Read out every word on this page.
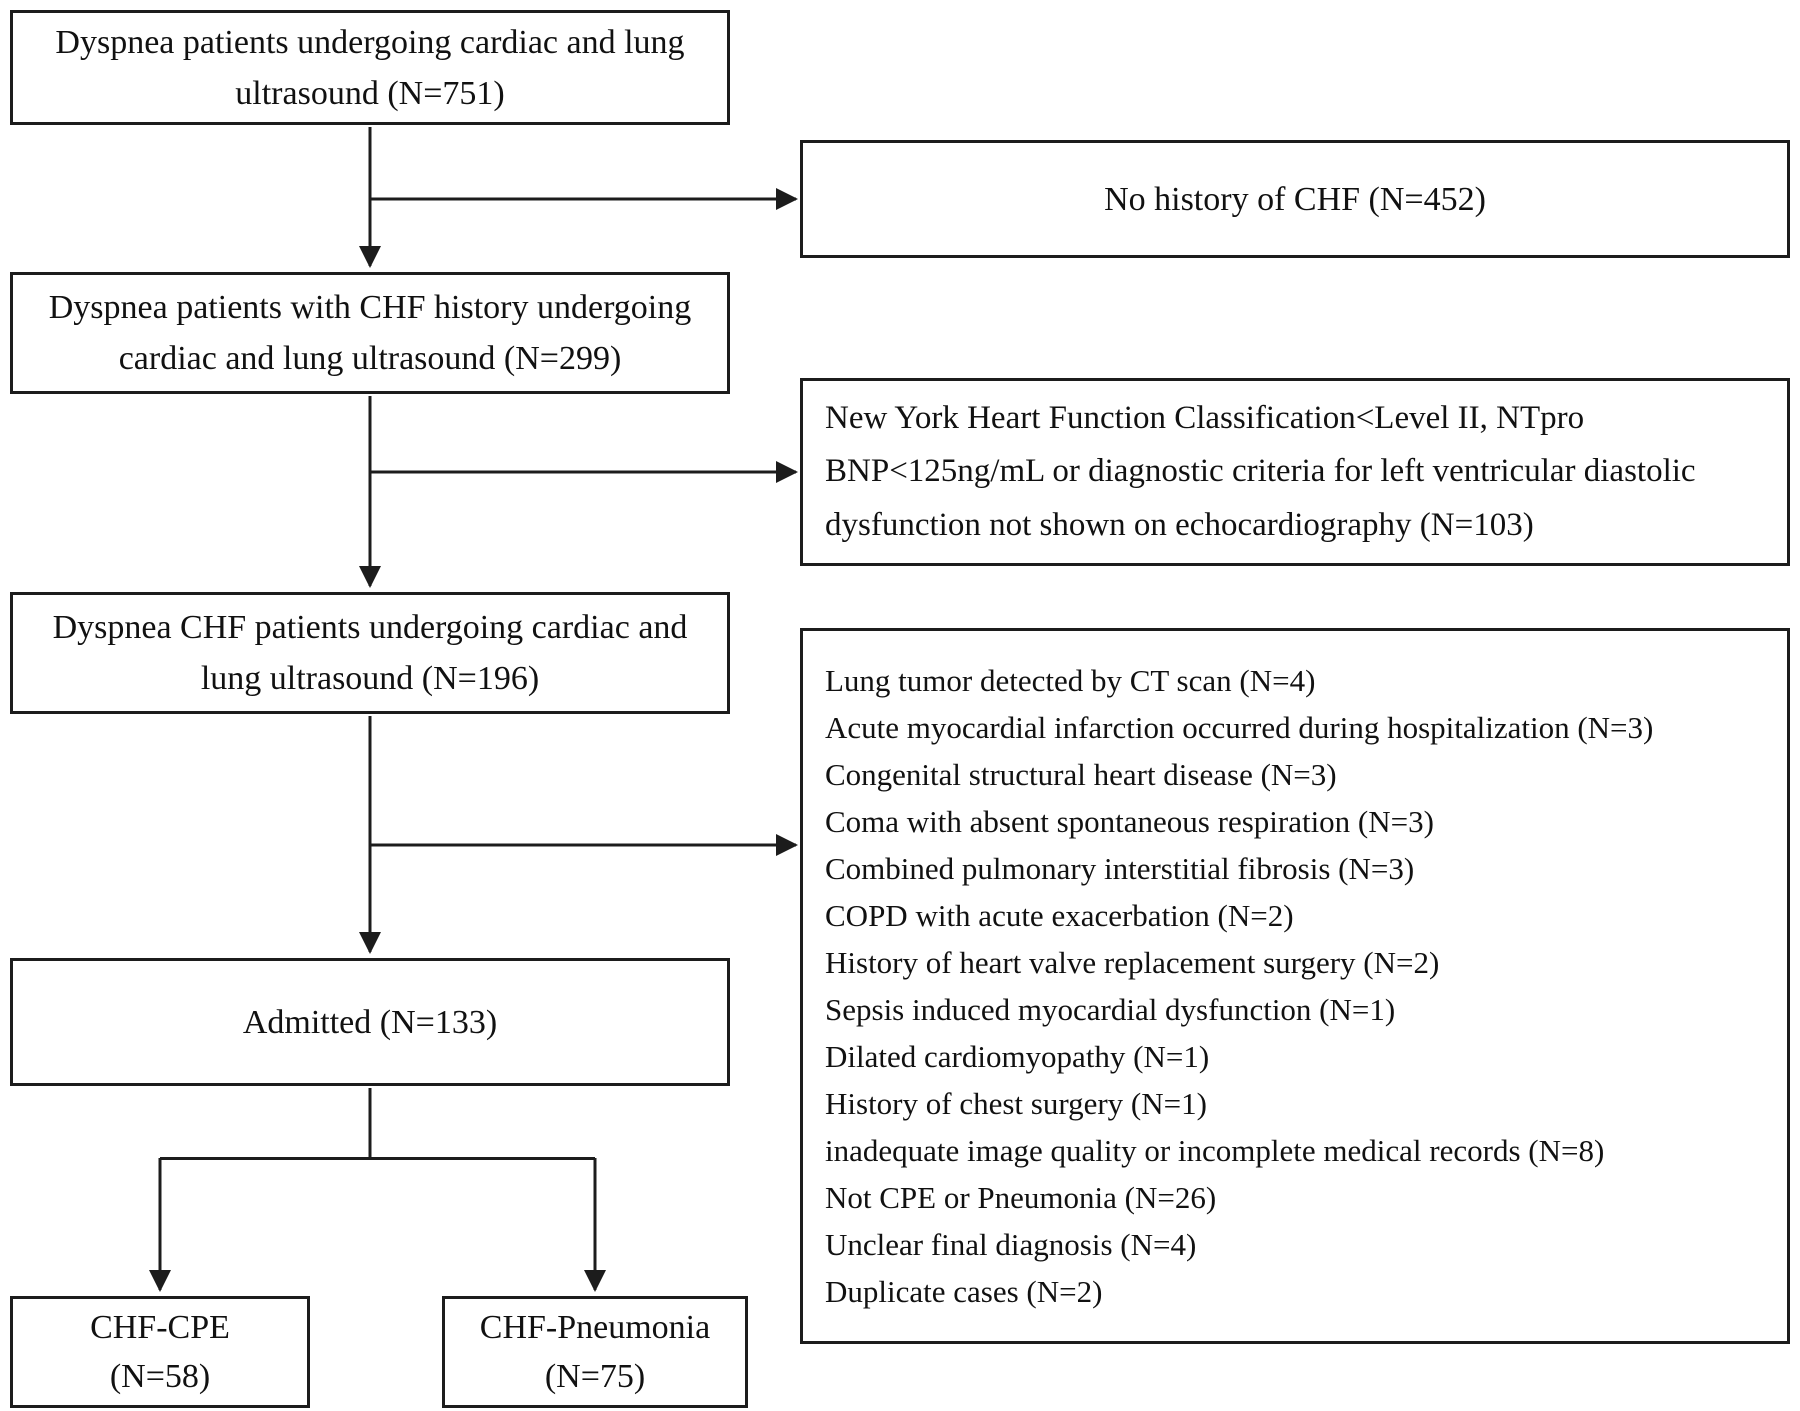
Dyspnea patients undergoing cardiac and lung ultrasound (N=751)
No history of CHF (N=452)
Dyspnea patients with CHF history undergoing cardiac and lung ultrasound (N=299)
New York Heart Function Classification<Level II, NTpro BNP<125ng/mL or diagnostic criteria for left ventricular diastolic dysfunction not shown on echocardiography (N=103)
Dyspnea CHF patients undergoing cardiac and lung ultrasound (N=196)	Lung tumor detected by CT scan (N=4)
Acute myocardial infarction occurred during hospitalization (N=3)
Congenital structural heart disease (N=3)
Coma with absent spontaneous respiration (N=3)
Combined pulmonary interstitial fibrosis (N=3)
COPD with acute exacerbation (N=2)
History of heart valve replacement surgery (N=2)
Sepsis induced myocardial dysfunction (N=1)
Dilated cardiomyopathy (N=1)
History of chest surgery (N=1)
inadequate image quality or incomplete medical records (N=8)
Not CPE or Pneumonia (N=26)
Unclear final diagnosis (N=4)
Duplicate cases (N=2)
Admitted (N=133)
CHF-CPE
(N=58)
CHF-Pneumonia
(N=75)
